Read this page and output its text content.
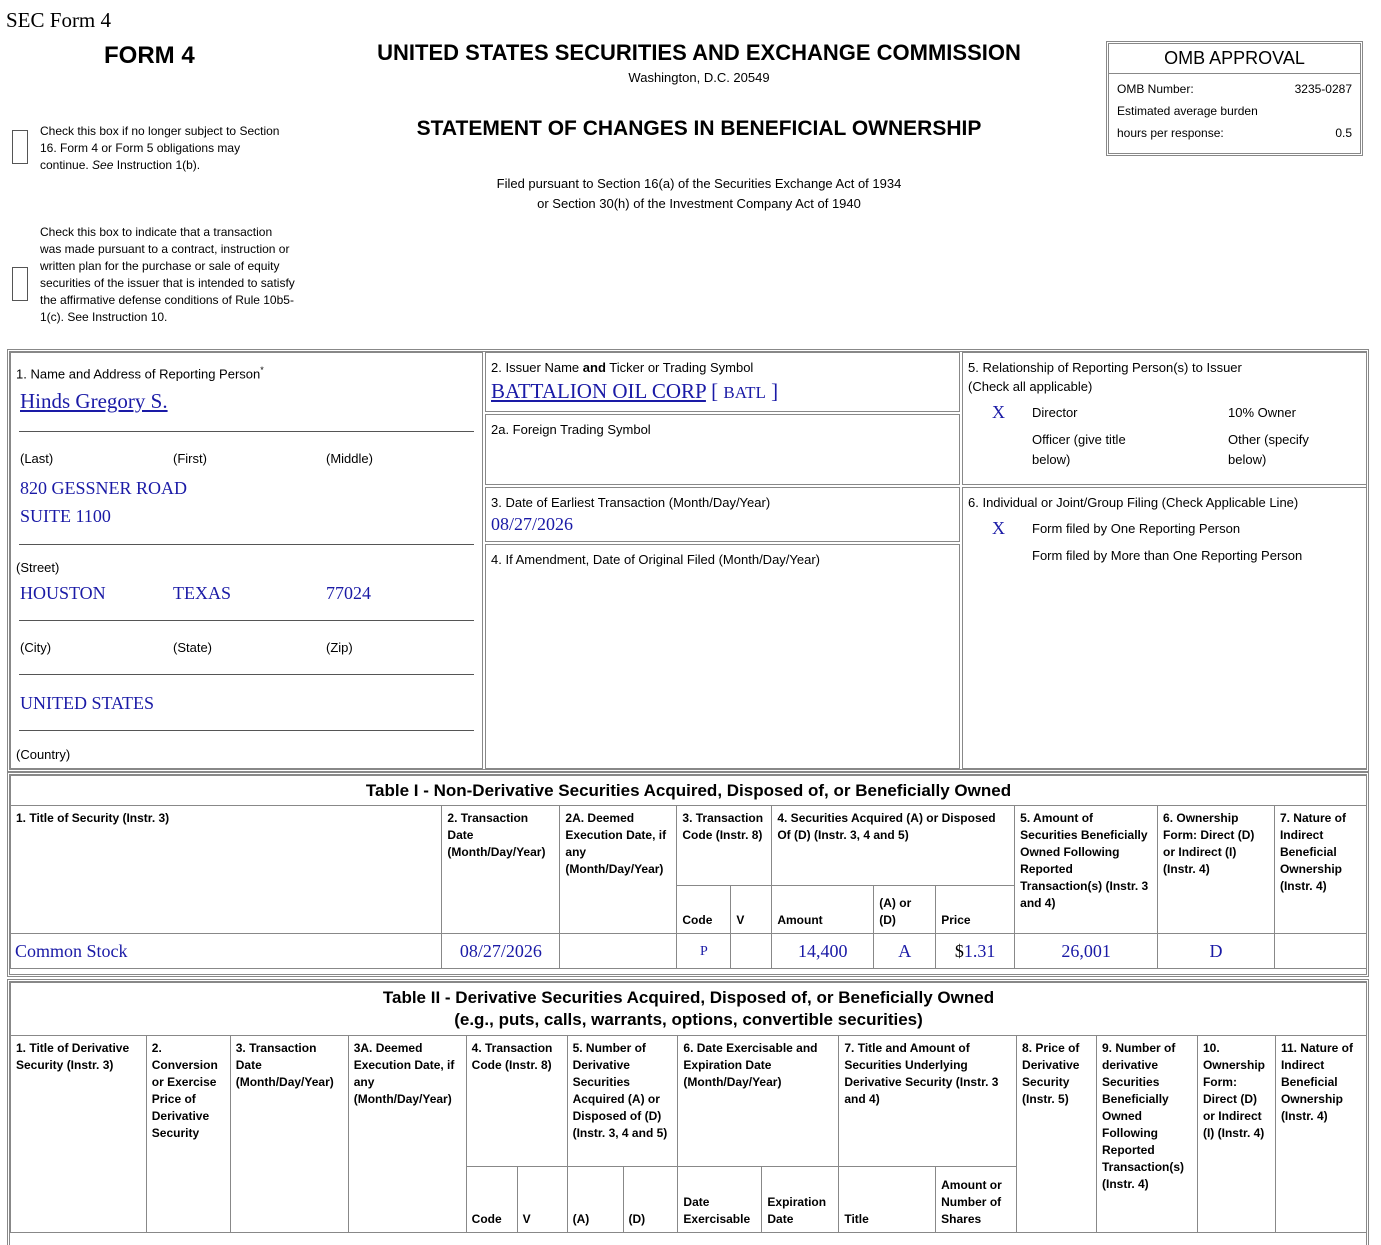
SEC Form 4
FORM 4	UNITED STATES SECURITIES AND EXCHANGE COMMISSION
Washington, D.C. 20549
STATEMENT OF CHANGES IN BENEFICIAL OWNERSHIP
Filed pursuant to Section 16(a) of the Securities Exchange Act of 1934
or Section 30(h) of the Investment Company Act of 1940
Check this box if no longer subject to Section 16. Form 4 or Form 5 obligations may continue. See Instruction 1(b).
Check this box to indicate that a transaction was made pursuant to a contract, instruction or written plan for the purchase or sale of equity securities of the issuer that is intended to satisfy the affirmative defense conditions of Rule 10b5-1(c). See Instruction 10.
OMB APPROVAL
OMB Number:	3235-0287
Estimated average burden
hours per response:	0.5
1. Name and Address of Reporting Person*
Hinds Gregory S.
(Last)	(First)	(Middle)
820 GESSNER ROAD
SUITE 1100
(Street)
HOUSTON	TEXAS	77024
(City)	(State)	(Zip)
UNITED STATES
(Country)
2. Issuer Name and Ticker or Trading Symbol
BATTALION OIL CORP [ BATL ]
2a. Foreign Trading Symbol
3. Date of Earliest Transaction (Month/Day/Year)
08/27/2026
4. If Amendment, Date of Original Filed (Month/Day/Year)
5. Relationship of Reporting Person(s) to Issuer
(Check all applicable)
X Director	10% Owner
Officer (give title
below)
Other (specify
below)
6. Individual or Joint/Group Filing (Check Applicable Line)
X Form filed by One Reporting Person
Form filed by More than One Reporting Person
Table I - Non-Derivative Securities Acquired, Disposed of, or Beneficially Owned										
1. Title of Security (Instr. 3)	2. Transaction Date (Month/Day/Year)	2A. Deemed Execution Date, if any (Month/Day/Year)	3. Transaction Code (Instr. 8)		4. Securities Acquired (A) or Disposed Of (D) (Instr. 3, 4 and 5)			5. Amount of Securities Beneficially Owned Following Reported Transaction(s) (Instr. 3 and 4)	6. Ownership Form: Direct (D) or Indirect (I) (Instr. 4)	7. Nature of Indirect Beneficial Ownership (Instr. 4)
			Code	V	Amount	(A) or (D)	Price			
Common Stock	08/27/2026		P		14,400	A	$1.31	26,001	D	
Table II - Derivative Securities Acquired, Disposed of, or Beneficially Owned
(e.g., puts, calls, warrants, options, convertible securities)															

1. Title of Derivative Security (Instr. 3)	2. Conversion or Exercise Price of Derivative Security	3. Transaction Date (Month/Day/Year)	3A. Deemed Execution Date, if any (Month/Day/Year)	4. Transaction Code (Instr. 8)		5. Number of Derivative Securities Acquired (A) or Disposed of (D) (Instr. 3, 4 and 5)		6. Date Exercisable and Expiration Date (Month/Day/Year)		7. Title and Amount of Securities Underlying Derivative Security (Instr. 3 and 4)		8. Price of Derivative Security (Instr. 5)	9. Number of derivative Securities Beneficially Owned Following Reported Transaction(s) (Instr. 4)	10. Ownership Form: Direct (D) or Indirect (I) (Instr. 4)	11. Nature of Indirect Beneficial Ownership (Instr. 4)
				Code	V	(A)	(D)	Date Exercisable	Expiration Date	Title	Amount or Number of Shares				
